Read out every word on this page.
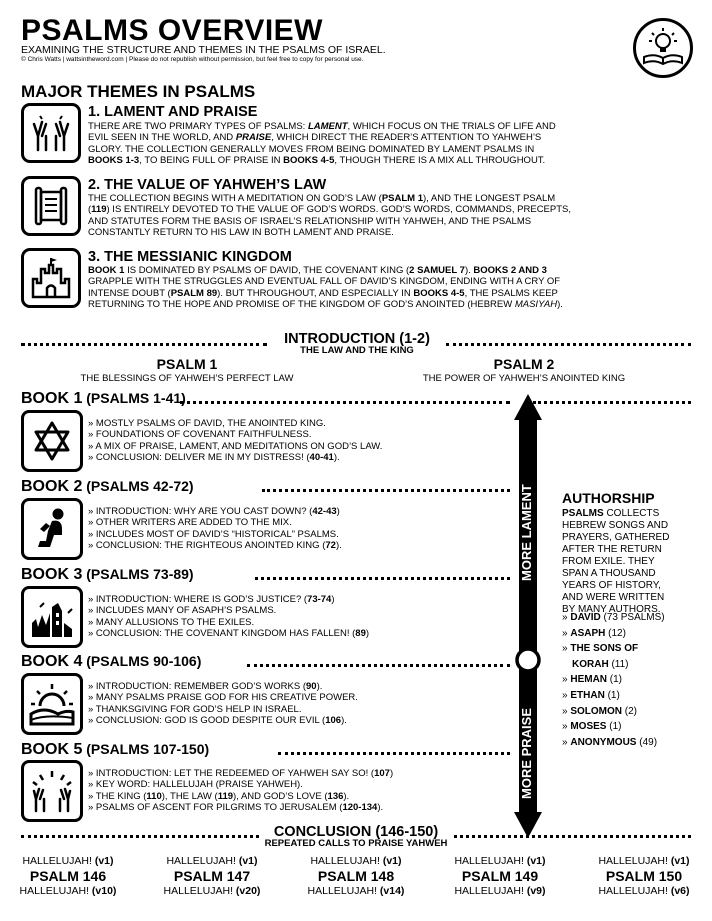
PSALMS OVERVIEW
EXAMINING THE STRUCTURE AND THEMES IN THE PSALMS OF ISRAEL.
© Chris Watts | wattsintheword.com | Please do not republish without permission, but feel free to copy for personal use.
MAJOR THEMES IN PSALMS
1. LAMENT AND PRAISE
THERE ARE TWO PRIMARY TYPES OF PSALMS: LAMENT, WHICH FOCUS ON THE TRIALS OF LIFE AND
EVIL SEEN IN THE WORLD, AND PRAISE, WHICH DIRECT THE READER’S ATTENTION TO YAHWEH’S
GLORY. THE COLLECTION GENERALLY MOVES FROM BEING DOMINATED BY LAMENT PSALMS IN
BOOKS 1-3, TO BEING FULL OF PRAISE IN BOOKS 4-5, THOUGH THERE IS A MIX ALL THROUGHOUT.
2. THE VALUE OF YAHWEH’S LAW
THE COLLECTION BEGINS WITH A MEDITATION ON GOD’S LAW (PSALM 1), AND THE LONGEST PSALM
(119) IS ENTIRELY DEVOTED TO THE VALUE OF GOD’S WORDS. GOD’S WORDS, COMMANDS, PRECEPTS,
AND STATUTES FORM THE BASIS OF ISRAEL’S RELATIONSHIP WITH YAHWEH, AND THE PSALMS
CONSTANTLY RETURN TO HIS LAW IN BOTH LAMENT AND PRAISE.
3. THE MESSIANIC KINGDOM
BOOK 1 IS DOMINATED BY PSALMS OF DAVID, THE COVENANT KING (2 SAMUEL 7). BOOKS 2 AND 3
GRAPPLE WITH THE STRUGGLES AND EVENTUAL FALL OF DAVID’S KINGDOM, ENDING WITH A CRY OF
INTENSE DOUBT (PSALM 89). BUT THROUGHOUT, AND ESPECIALLY IN BOOKS 4-5, THE PSALMS KEEP
RETURNING TO THE HOPE AND PROMISE OF THE KINGDOM OF GOD’S ANOINTED (HEBREW MASIYAH).
INTRODUCTION (1-2)
THE LAW AND THE KING
PSALM 1
THE BLESSINGS OF YAHWEH’S PERFECT LAW
PSALM 2
THE POWER OF YAHWEH’S ANOINTED KING
BOOK 1 (PSALMS 1-41)
» MOSTLY PSALMS OF DAVID, THE ANOINTED KING.
» FOUNDATIONS OF COVENANT FAITHFULNESS.
» A MIX OF PRAISE, LAMENT, AND MEDITATIONS ON GOD’S LAW.
» CONCLUSION: DELIVER ME IN MY DISTRESS! (40-41).
BOOK 2 (PSALMS 42-72)
» INTRODUCTION: WHY ARE YOU CAST DOWN? (42-43)
» OTHER WRITERS ARE ADDED TO THE MIX.
» INCLUDES MOST OF DAVID’S “HISTORICAL” PSALMS.
» CONCLUSION: THE RIGHTEOUS ANOINTED KING (72).
BOOK 3 (PSALMS 73-89)
» INTRODUCTION: WHERE IS GOD’S JUSTICE? (73-74)
» INCLUDES MANY OF ASAPH’S PSALMS.
» MANY ALLUSIONS TO THE EXILES.
» CONCLUSION: THE COVENANT KINGDOM HAS FALLEN! (89)
BOOK 4 (PSALMS 90-106)
» INTRODUCTION: REMEMBER GOD’S WORKS (90).
» MANY PSALMS PRAISE GOD FOR HIS CREATIVE POWER.
» THANKSGIVING FOR GOD’S HELP IN ISRAEL.
» CONCLUSION: GOD IS GOOD DESPITE OUR EVIL (106).
BOOK 5 (PSALMS 107-150)
» INTRODUCTION: LET THE REDEEMED OF YAHWEH SAY SO! (107)
» KEY WORD: HALLELUJAH (PRAISE YAHWEH).
» THE KING (110), THE LAW (119), AND GOD’S LOVE (136).
» PSALMS OF ASCENT FOR PILGRIMS TO JERUSALEM (120-134).
MORE LAMENT
MORE PRAISE
AUTHORSHIP
PSALMS COLLECTS
HEBREW SONGS AND
PRAYERS, GATHERED
AFTER THE RETURN
FROM EXILE. THEY
SPAN A THOUSAND
YEARS OF HISTORY,
AND WERE WRITTEN
BY MANY AUTHORS.
» DAVID (73 PSALMS)
» ASAPH (12)
» THE SONS OF
KORAH (11)
» HEMAN (1)
» ETHAN (1)
» SOLOMON (2)
» MOSES (1)
» ANONYMOUS (49)
CONCLUSION (146-150)
REPEATED CALLS TO PRAISE YAHWEH
HALLELUJAH! (v1)
PSALM 146
HALLELUJAH! (v10)
HALLELUJAH! (v1)
PSALM 147
HALLELUJAH! (v20)
HALLELUJAH! (v1)
PSALM 148
HALLELUJAH! (v14)
HALLELUJAH! (v1)
PSALM 149
HALLELUJAH! (v9)
HALLELUJAH! (v1)
PSALM 150
HALLELUJAH! (v6)
